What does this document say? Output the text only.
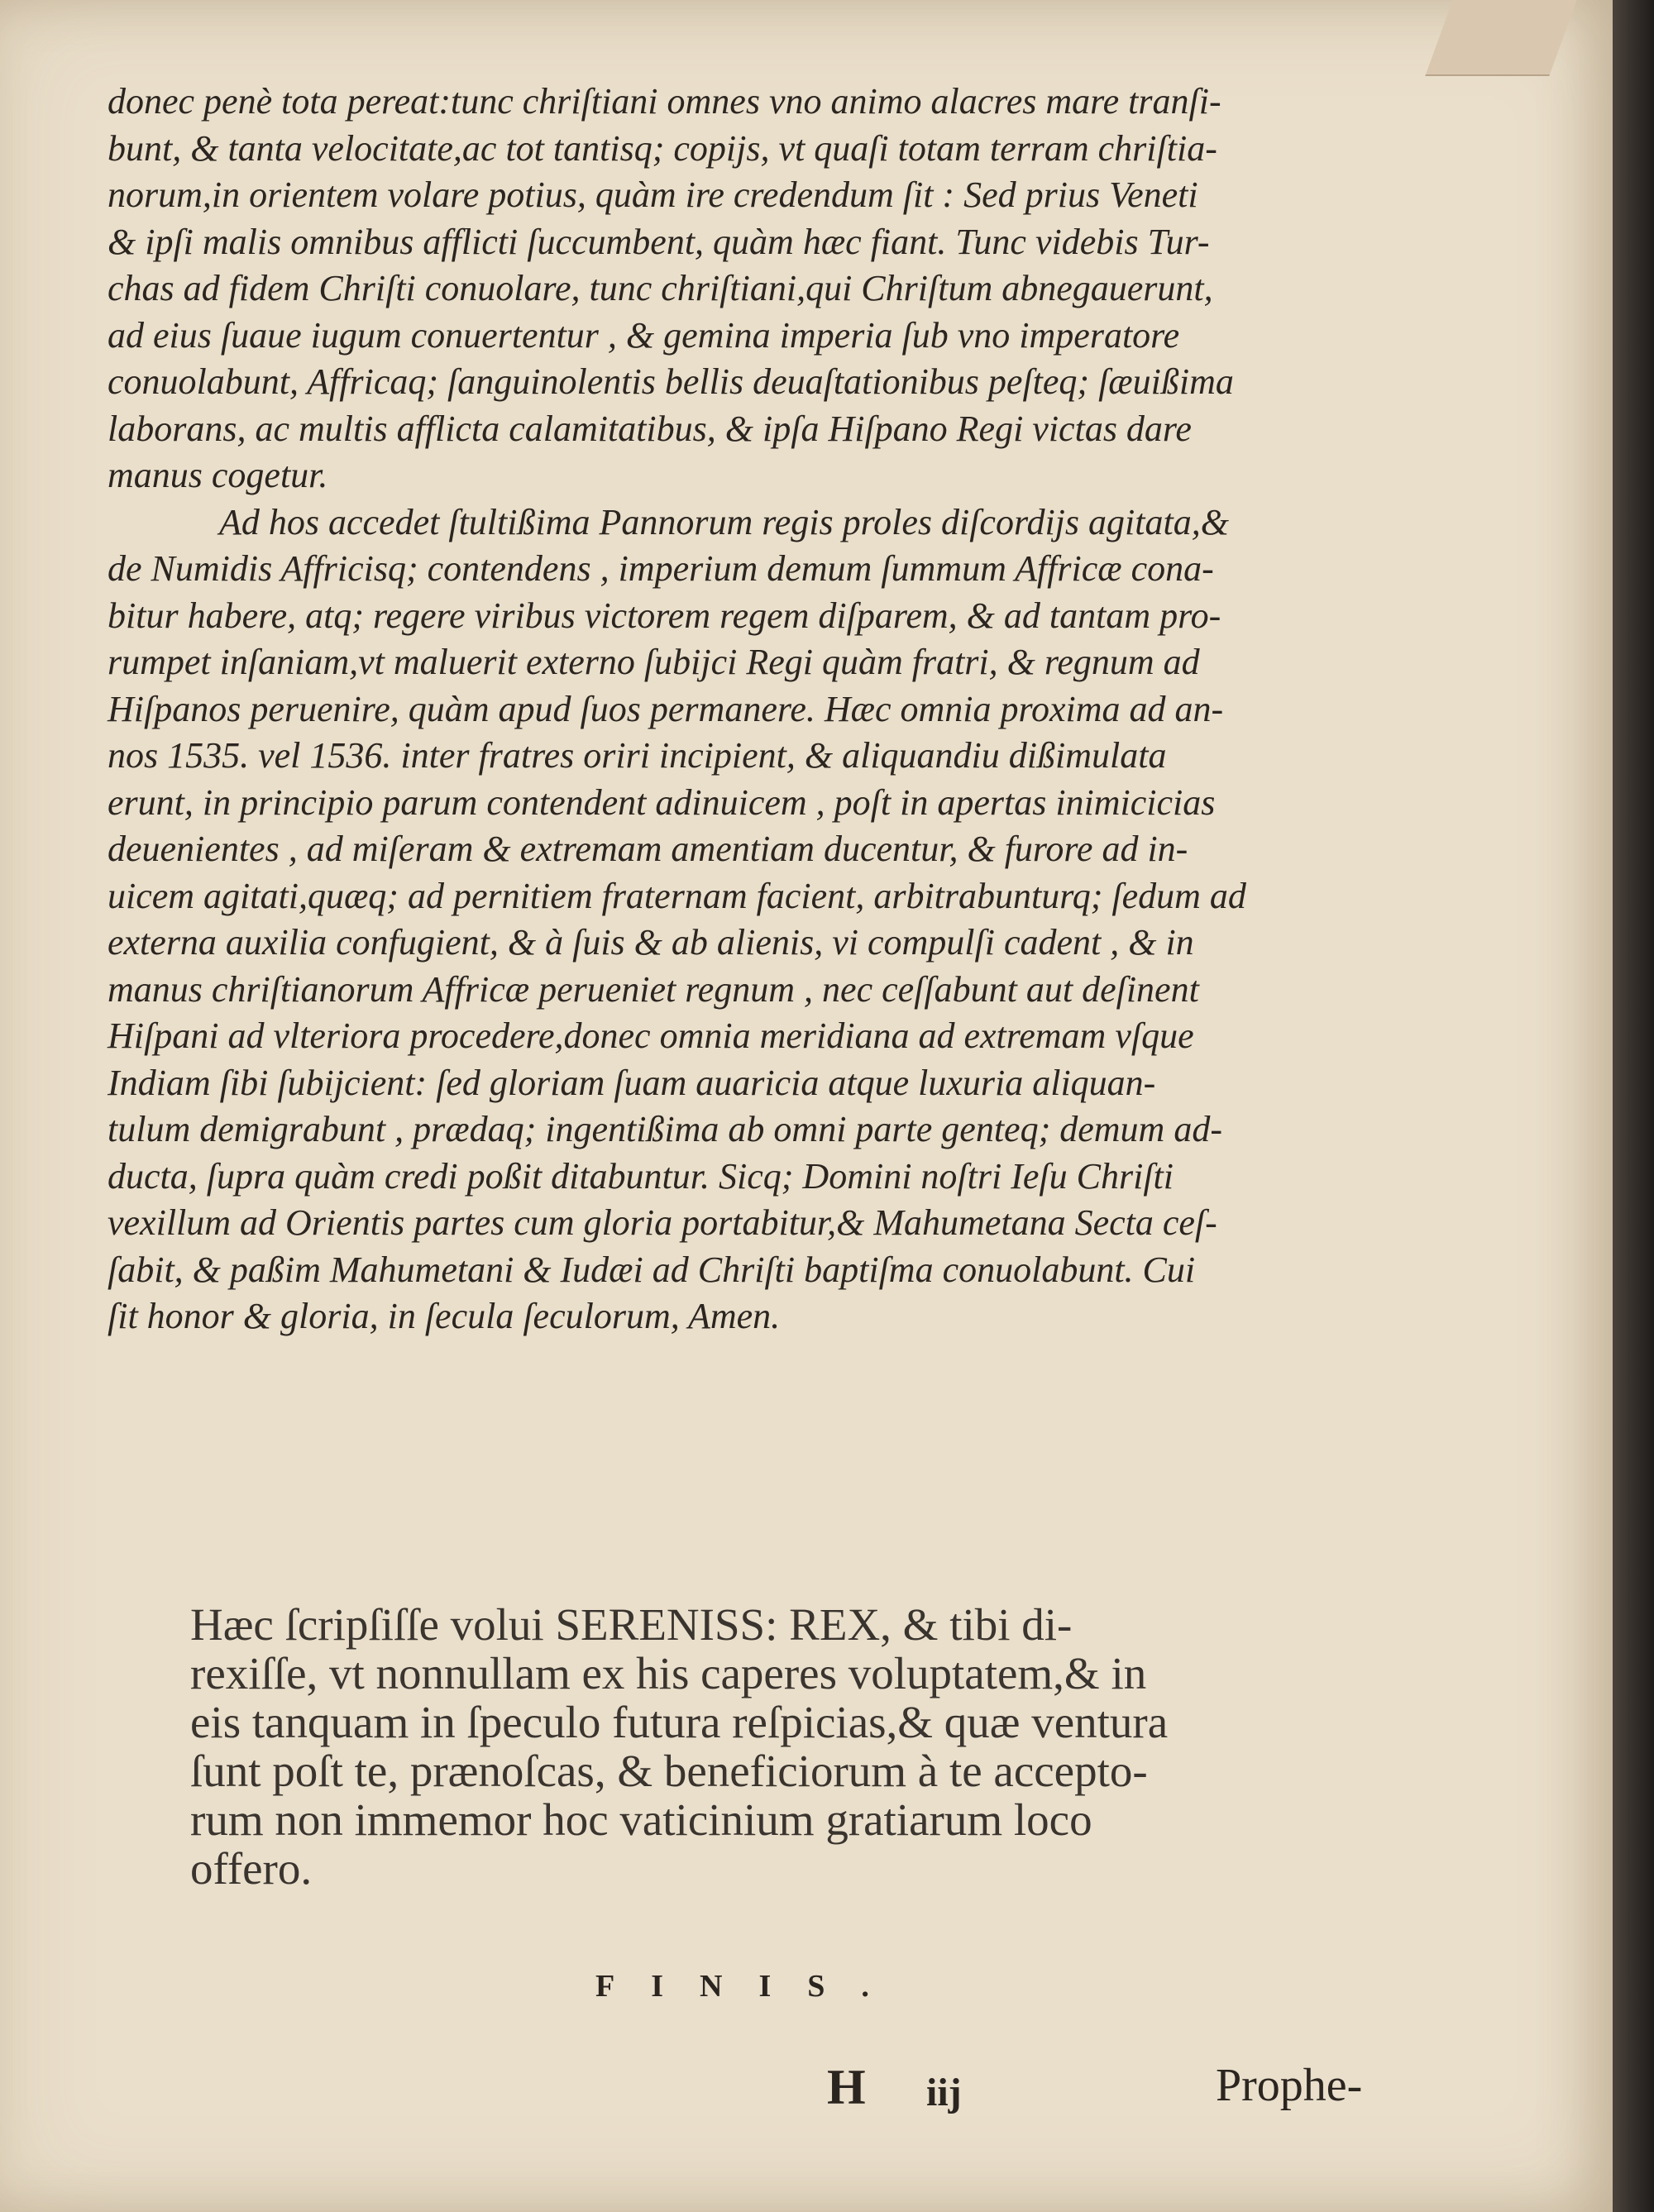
donec penè tota pereat:tunc chriſtiani omnes vno animo alacres mare tranſi-
bunt, & tanta velocitate,ac tot tantisq; copijs, vt quaſi totam terram chriſtia-
norum,in orientem volare potius, quàm ire credendum ſit : Sed prius Veneti
& ipſi malis omnibus afflicti ſuccumbent, quàm hæc fiant. Tunc videbis Tur-
chas ad fidem Chriſti conuolare, tunc chriſtiani,qui Chriſtum abnegauerunt,
ad eius ſuaue iugum conuertentur , & gemina imperia ſub vno imperatore
conuolabunt, Affricaq; ſanguinolentis bellis deuaſtationibus peſteq; ſæuißima
laborans, ac multis afflicta calamitatibus, & ipſa Hiſpano Regi victas dare
manus cogetur.
Ad hos accedet ſtultißima Pannorum regis proles diſcordijs agitata,&
de Numidis Affricisq; contendens , imperium demum ſummum Affricæ cona-
bitur habere, atq; regere viribus victorem regem diſparem, & ad tantam pro-
rumpet inſaniam,vt maluerit externo ſubijci Regi quàm fratri, & regnum ad
Hiſpanos peruenire, quàm apud ſuos permanere. Hæc omnia proxima ad an-
nos 1535. vel 1536. inter fratres oriri incipient, & aliquandiu dißimulata
erunt, in principio parum contendent adinuicem , poſt in apertas inimicicias
deuenientes , ad miſeram & extremam amentiam ducentur, & furore ad in-
uicem agitati,quæq; ad pernitiem fraternam facient, arbitrabunturq; ſedum ad
externa auxilia confugient, & à ſuis & ab alienis, vi compulſi cadent , & in
manus chriſtianorum Affricæ perueniet regnum , nec ceſſabunt aut deſinent
Hiſpani ad vlteriora procedere,donec omnia meridiana ad extremam vſque
Indiam ſibi ſubijcient: ſed gloriam ſuam auaricia atque luxuria aliquan-
tulum demigrabunt , prædaq; ingentißima ab omni parte genteq; demum ad-
ducta, ſupra quàm credi poßit ditabuntur. Sicq; Domini noſtri Ieſu Chriſti
vexillum ad Orientis partes cum gloria portabitur,& Mahumetana Secta ceſ-
ſabit, & paßim Mahumetani & Iudæi ad Chriſti baptiſma conuolabunt. Cui
ſit honor & gloria, in ſecula ſeculorum, Amen.
Hæc ſcripſiſſe volui SERENISS: REX, & tibi di-
rexiſſe, vt nonnullam ex his caperes voluptatem,& in
eis tanquam in ſpeculo futura reſpicias,& quæ ventura
ſunt poſt te, prænoſcas, & beneficiorum à te accepto-
rum non immemor hoc vaticinium gratiarum loco
offero.
FINIS.
H iij	Prophe-
